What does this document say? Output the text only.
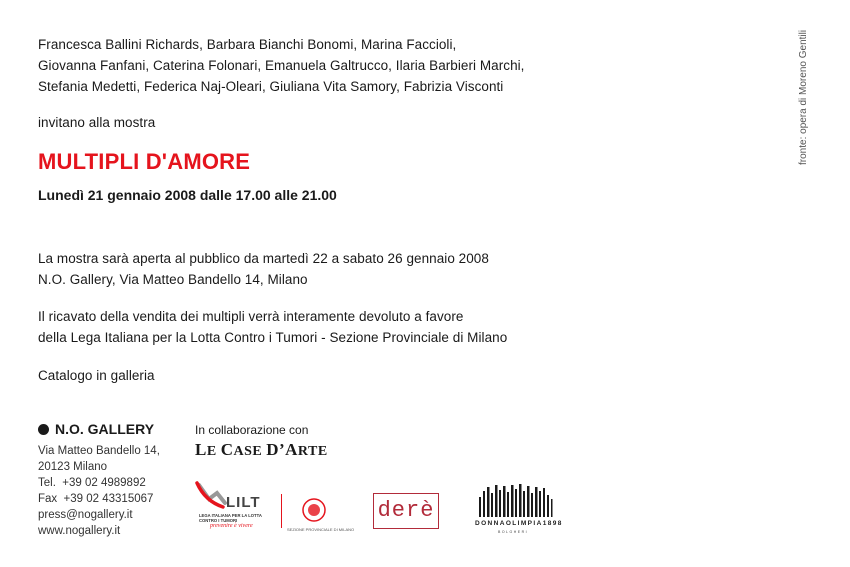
Francesca Ballini Richards, Barbara Bianchi Bonomi, Marina Faccioli,
Giovanna Fanfani, Caterina Folonari, Emanuela Galtrucco, Ilaria Barbieri Marchi,
Stefania Medetti, Federica Naj-Oleari, Giuliana Vita Samory, Fabrizia Visconti
invitano alla mostra
MULTIPLI D'AMORE
Lunedì 21 gennaio 2008 dalle 17.00 alle 21.00
La mostra sarà aperta al pubblico da martedì 22 a sabato 26 gennaio 2008
N.O. Gallery, Via Matteo Bandello 14, Milano
Il ricavato della vendita dei multipli verrà interamente devoluto a favore
della Lega Italiana per la Lotta Contro i Tumori - Sezione Provinciale di Milano
Catalogo in galleria
fronte: opera di Moreno Gentili
N.O. GALLERY
Via Matteo Bandello 14,
20123 Milano
Tel.  +39 02 4989892
Fax  +39 02 43315067
press@nogallery.it
www.nogallery.it
In collaborazione con
LE CASE D’ARTE
LILT
LEGA ITALIANA PER LA LOTTA CONTRO I TUMORI
prevenire è vivere
SEZIONE PROVINCIALE DI MILANO
derè
DONNAOLIMPIA1898
BOLGHERI
